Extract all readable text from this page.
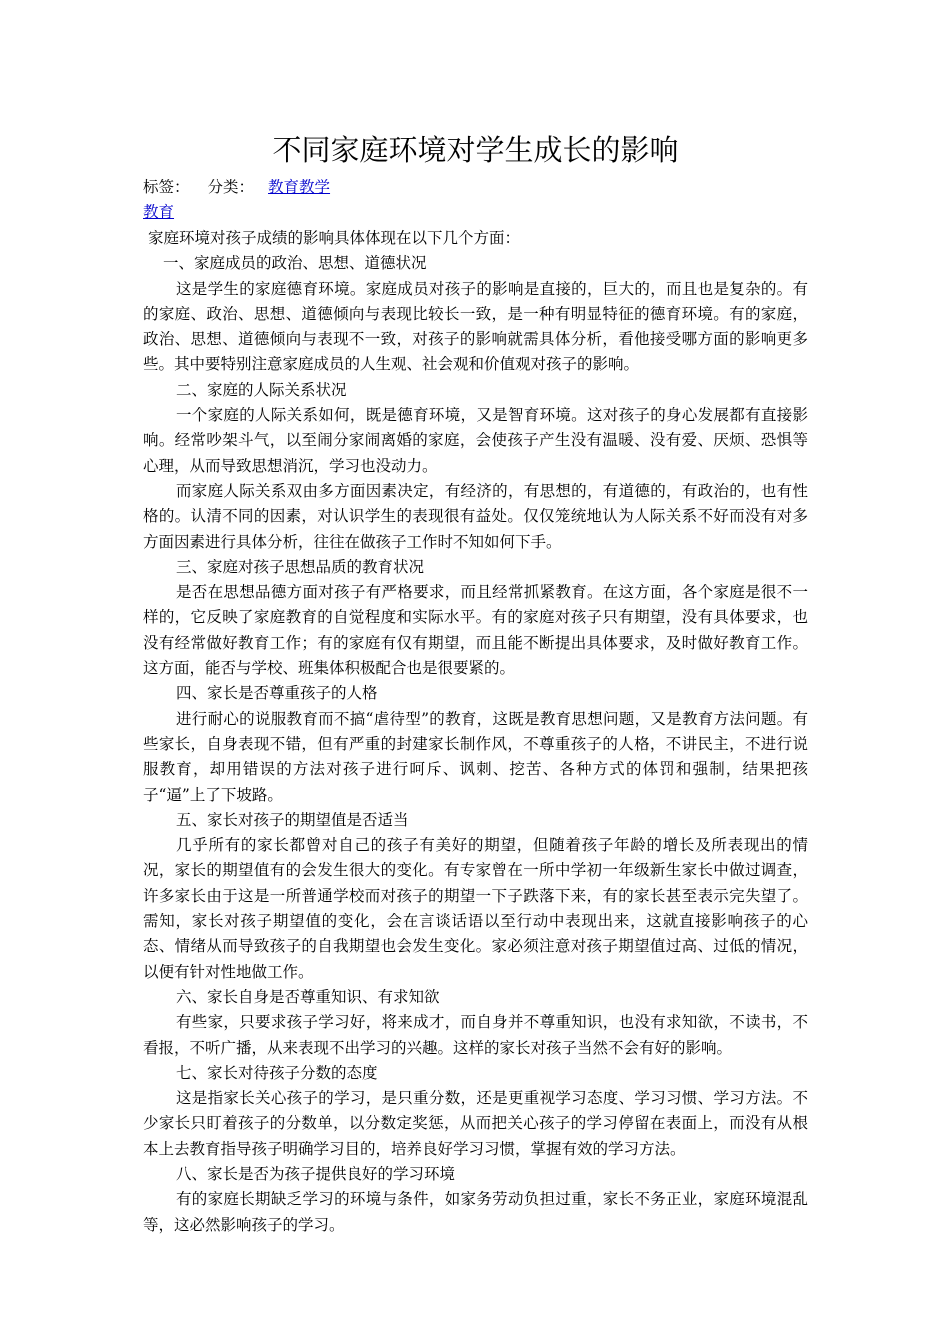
不同家庭环境对学生成长的影响
标签： 分类： 教育教学
教育

家庭环境对孩子成绩的影响具体体现在以下几个方面：

一、家庭成员的政治、思想、道德状况

这是学生的家庭德育环境。家庭成员对孩子的影响是直接的，巨大的，而且也是复杂的。有的家庭、政治、思想、道德倾向与表现比较长一致，是一种有明显特征的德育环境。有的家庭，政治、思想、道德倾向与表现不一致，对孩子的影响就需具体分析，看他接受哪方面的影响更多些。其中要特别注意家庭成员的人生观、社会观和价值观对孩子的影响。

二、家庭的人际关系状况

一个家庭的人际关系如何，既是德育环境，又是智育环境。这对孩子的身心发展都有直接影响。经常吵架斗气，以至闹分家闹离婚的家庭，会使孩子产生没有温暖、没有爱、厌烦、恐惧等心理，从而导致思想消沉，学习也没动力。

而家庭人际关系双由多方面因素决定，有经济的，有思想的，有道德的，有政治的，也有性格的。认清不同的因素，对认识学生的表现很有益处。仅仅笼统地认为人际关系不好而没有对多方面因素进行具体分析，往往在做孩子工作时不知如何下手。

三、家庭对孩子思想品质的教育状况

是否在思想品德方面对孩子有严格要求，而且经常抓紧教育。在这方面，各个家庭是很不一样的，它反映了家庭教育的自觉程度和实际水平。有的家庭对孩子只有期望，没有具体要求，也没有经常做好教育工作；有的家庭有仅有期望，而且能不断提出具体要求，及时做好教育工作。这方面，能否与学校、班集体积极配合也是很要紧的。

四、家长是否尊重孩子的人格

进行耐心的说服教育而不搞“虐待型”的教育，这既是教育思想问题，又是教育方法问题。有些家长，自身表现不错，但有严重的封建家长制作风，不尊重孩子的人格，不讲民主，不进行说服教育，却用错误的方法对孩子进行呵斥、讽刺、挖苦、各种方式的体罚和强制，结果把孩子“逼”上了下坡路。

五、家长对孩子的期望值是否适当

几乎所有的家长都曾对自己的孩子有美好的期望，但随着孩子年龄的增长及所表现出的情况，家长的期望值有的会发生很大的变化。有专家曾在一所中学初一年级新生家长中做过调查，许多家长由于这是一所普通学校而对孩子的期望一下子跌落下来，有的家长甚至表示完失望了。需知，家长对孩子期望值的变化，会在言谈话语以至行动中表现出来，这就直接影响孩子的心态、情绪从而导致孩子的自我期望也会发生变化。家必须注意对孩子期望值过高、过低的情况，以便有针对性地做工作。

六、家长自身是否尊重知识、有求知欲

有些家，只要求孩子学习好，将来成才，而自身并不尊重知识，也没有求知欲，不读书，不看报，不听广播，从来表现不出学习的兴趣。这样的家长对孩子当然不会有好的影响。

七、家长对待孩子分数的态度

这是指家长关心孩子的学习，是只重分数，还是更重视学习态度、学习习惯、学习方法。不少家长只盯着孩子的分数单，以分数定奖惩，从而把关心孩子的学习停留在表面上，而没有从根本上去教育指导孩子明确学习目的，培养良好学习习惯，掌握有效的学习方法。

八、家长是否为孩子提供良好的学习环境

有的家庭长期缺乏学习的环境与条件，如家务劳动负担过重，家长不务正业，家庭环境混乱等，这必然影响孩子的学习。
